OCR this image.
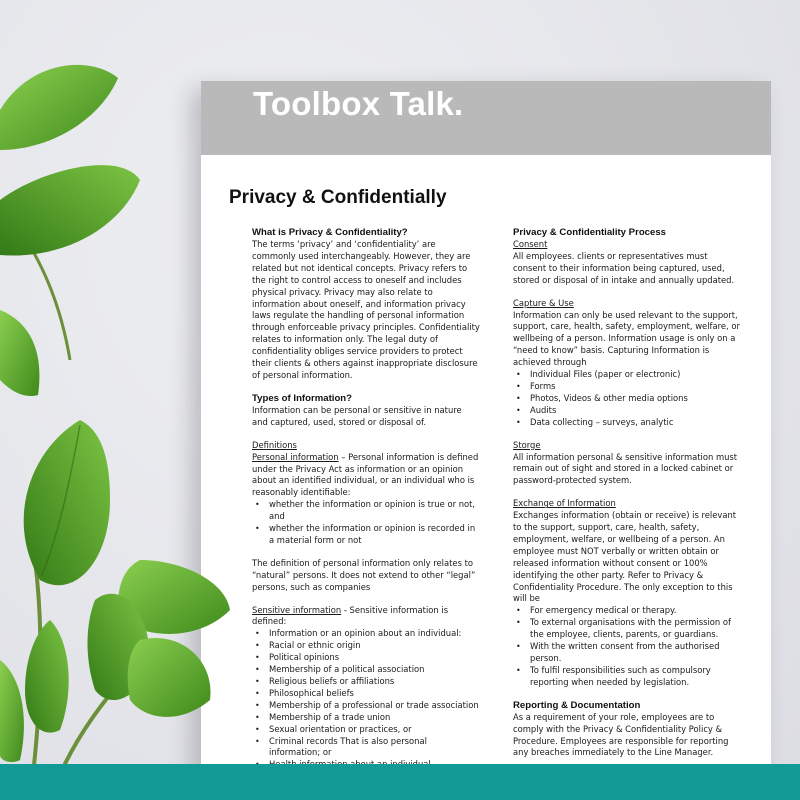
Toolbox Talk.
Privacy & Confidentially
What is Privacy & Confidentiality?

The terms ‘privacy’ and ‘confidentiality’ are commonly used interchangeably. However, they are related but not identical concepts. Privacy refers to the right to control access to oneself and includes physical privacy. Privacy may also relate to information about oneself, and information privacy laws regulate the handling of personal information through enforceable privacy principles. Confidentiality relates to information only. The legal duty of confidentiality obliges service providers to protect their clients & others against inappropriate disclosure of personal information.

Types of Information?

Information can be personal or sensitive in nature and captured, used, stored or disposal of.

Definitions

Personal information – Personal information is defined under the Privacy Act as information or an opinion about an identified individual, or an individual who is reasonably identifiable:

• whether the information or opinion is true or not, and
• whether the information or opinion is recorded in a material form or not

The definition of personal information only relates to “natural” persons. It does not extend to other “legal” persons, such as companies

Sensitive information - Sensitive information is defined:

• Information or an opinion about an individual:
• Racial or ethnic origin
• Political opinions
• Membership of a political association
• Religious beliefs or affiliations
• Philosophical beliefs
• Membership of a professional or trade association
• Membership of a trade union
• Sexual orientation or practices, or
• Criminal records That is also personal information; or
•
•
Privacy & Confidentiality Process

Consent

All employees. clients or representatives must consent to their information being captured, used, stored or disposal of in intake and annually updated.

Capture & Use

Information can only be used relevant to the support, support, care, health, safety, employment, welfare, or wellbeing of a person. Information usage is only on a “need to know” basis. Capturing Information is achieved through

• Individual Files (paper or electronic)
• Forms
• Photos, Videos & other media options
• Audits
• Data collecting – surveys, analytic

Storge

All information personal & sensitive information must remain out of sight and stored in a locked cabinet or password-protected system.

Exchange of Information

Exchanges information (obtain or receive) is relevant to the support, support, care, health, safety, employment, welfare, or wellbeing of a person. An employee must NOT verbally or written obtain or released information without consent or 100% identifying the other party. Refer to Privacy & Confidentiality Procedure. The only exception to this will be

• For emergency medical or therapy.
• To external organisations with the permission of the employee, clients, parents, or guardians.
• With the written consent from the authorised person.
• To fulfil responsibilities such as compulsory reporting when needed by legislation.
Reporting & Documentation

As a requirement of your role, employees are to comply with the Privacy & Confidentiality Policy & Procedure. Employees are responsible for reporting any breaches immediately to the Line Manager.
